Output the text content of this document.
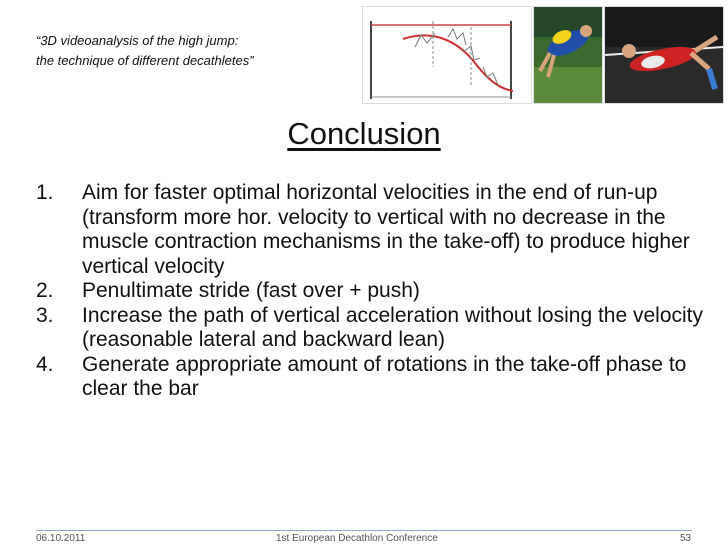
“3D videoanalysis of the high jump:
the technique of different decathletes”
Conclusion
1.	Aim for faster optimal horizontal velocities in the end of run-up (transform more hor. velocity to vertical with no decrease in the muscle contraction mechanisms in the take-off) to produce higher vertical velocity
2.	Penultimate stride (fast over + push)
3.	Increase the path of vertical acceleration without losing the velocity (reasonable lateral and backward lean)
4.	Generate appropriate amount of rotations in the take-off phase to clear the bar
06.10.2011	1st European Decathlon Conference	53
